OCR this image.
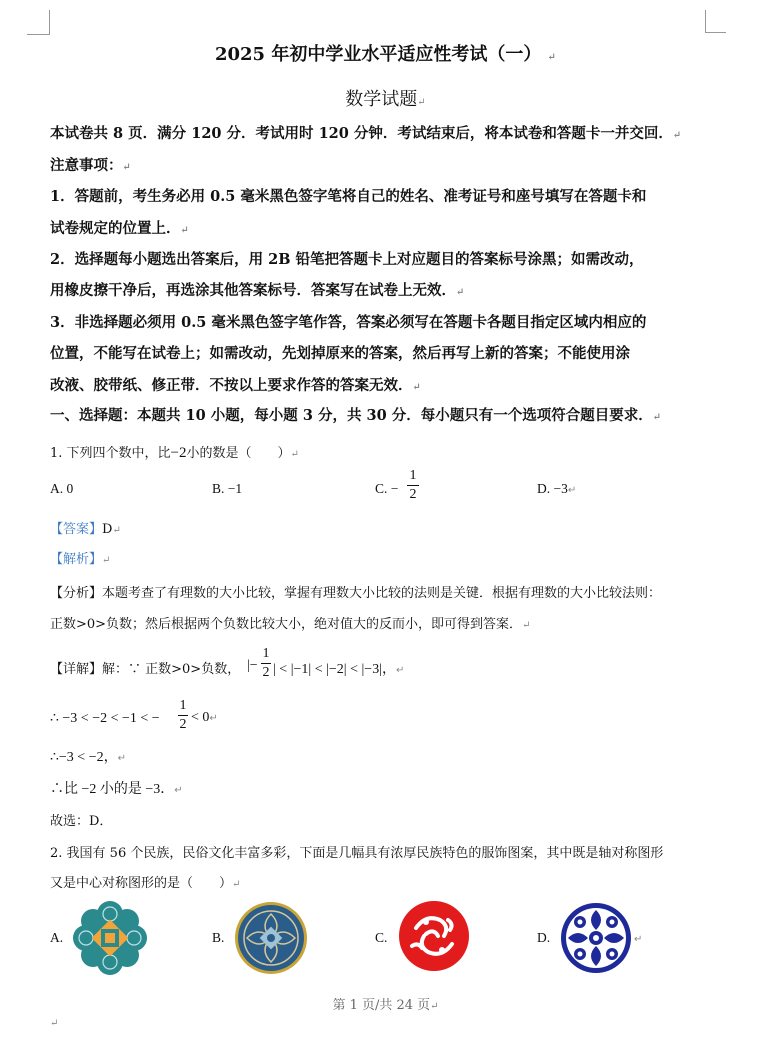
2025 年初中学业水平适应性考试（一） ↵
数学试题↵
本试卷共 8 页．满分 120 分．考试用时 120 分钟．考试结束后，将本试卷和答题卡一并交回．↵
注意事项：↵
1．答题前，考生务必用 0.5 毫米黑色签字笔将自己的姓名、准考证号和座号填写在答题卡和
试卷规定的位置上．↵
2．选择题每小题选出答案后，用 2B 铅笔把答题卡上对应题目的答案标号涂黑；如需改动，
用橡皮擦干净后，再选涂其他答案标号．答案写在试卷上无效．↵
3．非选择题必须用 0.5 毫米黑色签字笔作答，答案必须写在答题卡各题目指定区域内相应的
位置，不能写在试卷上；如需改动，先划掉原来的答案，然后再写上新的答案；不能使用涂
改液、胶带纸、修正带．不按以上要求作答的答案无效．↵
一、选择题：本题共 10 小题，每小题 3 分，共 30 分．每小题只有一个选项符合题目要求．↵
1. 下列四个数中，比−2小的数是（　　）↵
A. 0	B. −1	C. −
1
2	D. −3↵
【答案】D↵
【解析】↵
【分析】本题考查了有理数的大小比较，掌握有理数大小比较的法则是关键．根据有理数的大小比较法则：
正数>0>负数；然后根据两个负数比较大小，绝对值大的反而小，即可得到答案．↵
【详解】解：∵ 正数>0>负数， |−
1
2 | < |−1| < |−2| < |−3|，↵
∴ −3 < −2 < −1 < −
1
2 < 0↵
∴−3 < −2，↵
∴比 −2 小的是 −3．↵
故选：D．
2. 我国有 56 个民族，民俗文化丰富多彩，下面是几幅具有浓厚民族特色的服饰图案，其中既是轴对称图形
又是中心对称图形的是（　　）↵
A.	B.	C.	D.	↵
第 1 页/共 24 页↵
↵
